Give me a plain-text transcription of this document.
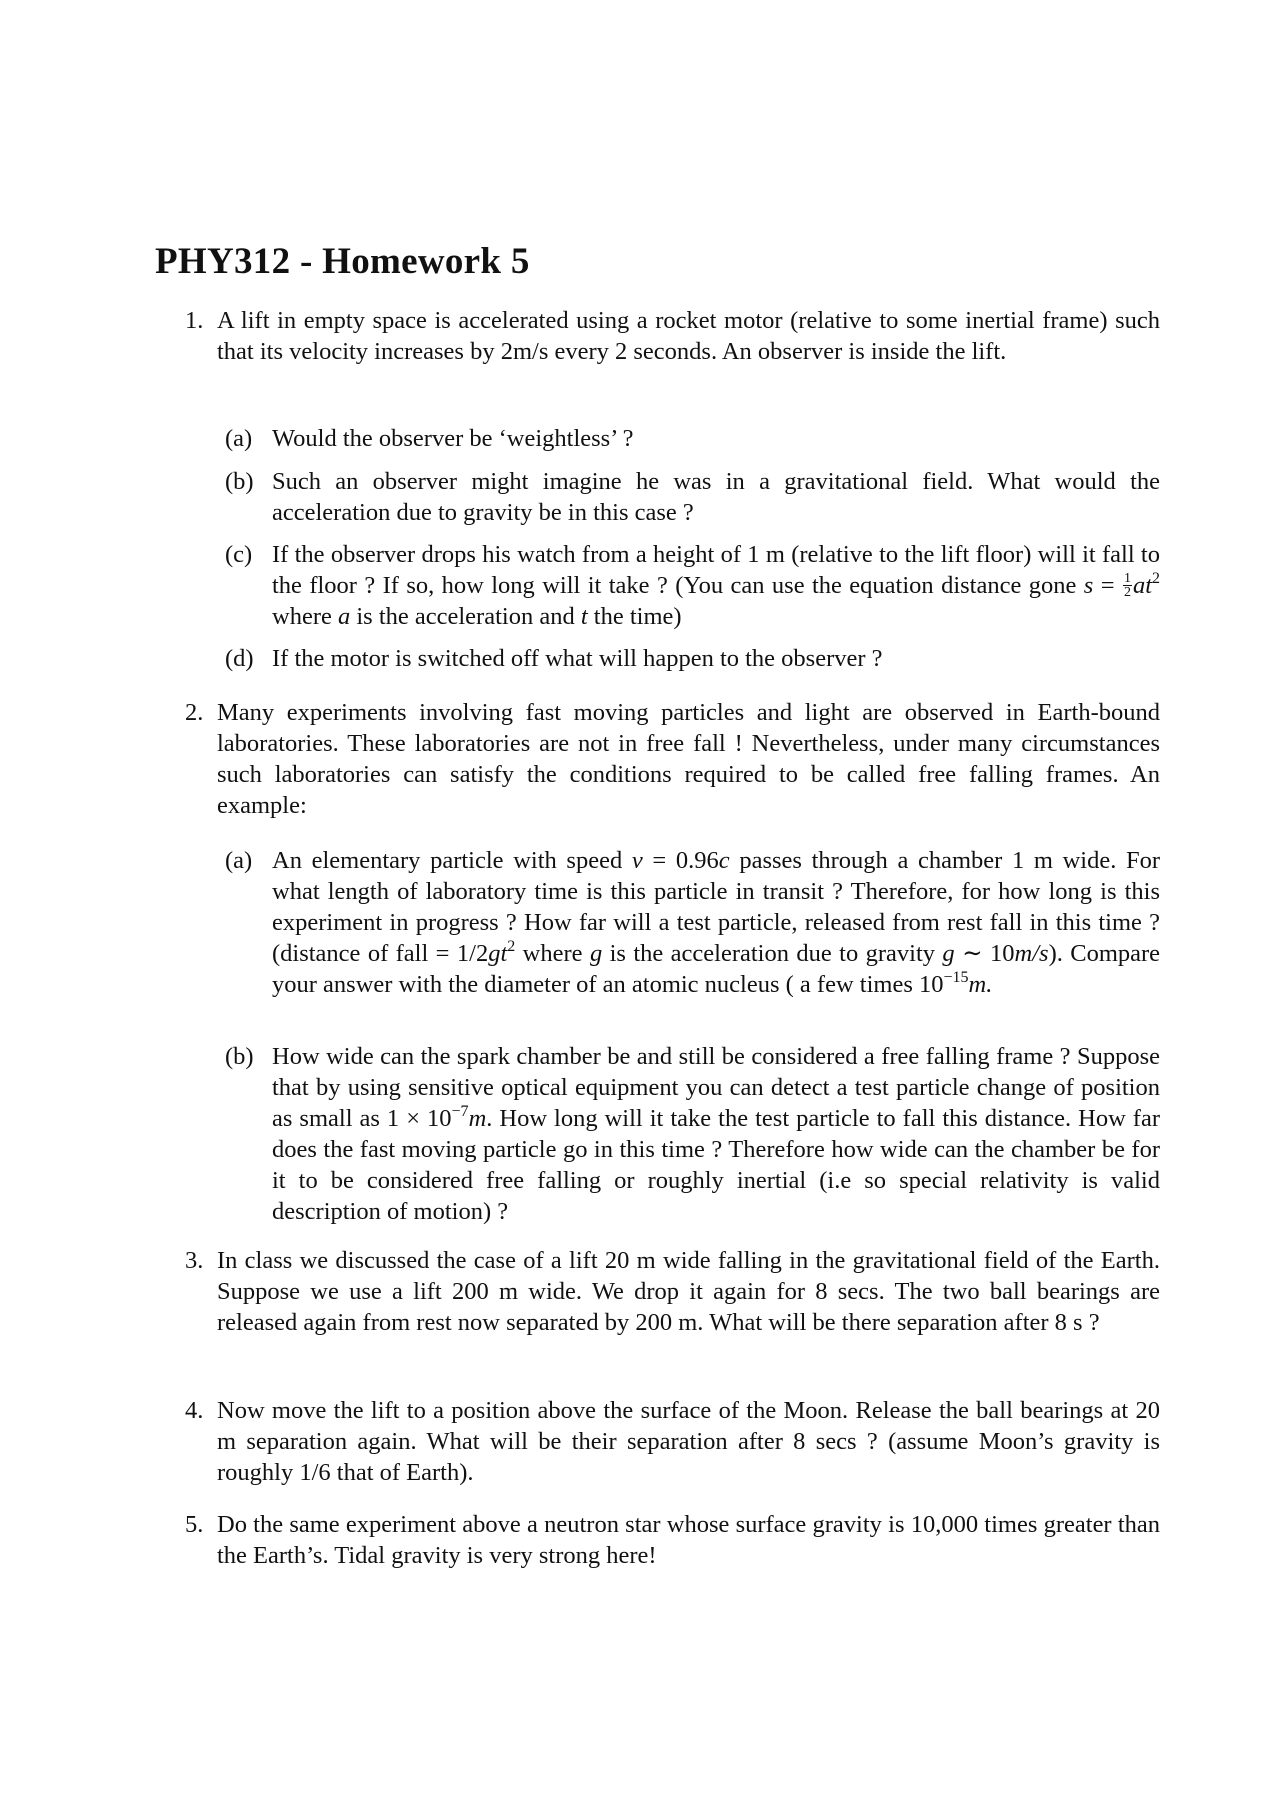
PHY312 - Homework 5
1. A lift in empty space is accelerated using a rocket motor (relative to some inertial frame) such that its velocity increases by 2m/s every 2 seconds. An observer is inside the lift.
(a) Would the observer be ‘weightless’ ?
(b) Such an observer might imagine he was in a gravitational field. What would the acceleration due to gravity be in this case ?
(c) If the observer drops his watch from a height of 1 m (relative to the lift floor) will it fall to the floor ? If so, how long will it take ? (You can use the equation distance gone $s = \frac{1}{2} at^2$ where a is the acceleration and t the time)
(d) If the motor is switched off what will happen to the observer ?
2. Many experiments involving fast moving particles and light are observed in Earth-bound laboratories. These laboratories are not in free fall ! Nevertheless, under many circumstances such laboratories can satisfy the conditions required to be called free falling frames. An example:
(a) An elementary particle with speed v = 0.96c passes through a chamber 1 m wide. For what length of laboratory time is this particle in transit ? Therefore, for how long is this experiment in progress ? How far will a test particle, released from rest fall in this time ? (distance of fall = $1/2gt^2$ where g is the acceleration due to gravity g ∼ 10m/s). Compare your answer with the diameter of an atomic nucleus ( a few times $10^{-15}m$.
(b) How wide can the spark chamber be and still be considered a free falling frame ? Suppose that by using sensitive optical equipment you can detect a test particle change of position as small as $1 \times 10^{-7}m$. How long will it take the test particle to fall this distance. How far does the fast moving particle go in this time ? Therefore how wide can the chamber be for it to be considered free falling or roughly inertial (i.e so special relativity is valid description of motion) ?
3. In class we discussed the case of a lift 20 m wide falling in the gravitational field of the Earth. Suppose we use a lift 200 m wide. We drop it again for 8 secs. The two ball bearings are released again from rest now separated by 200 m. What will be there separation after 8 s ?
4. Now move the lift to a position above the surface of the Moon. Release the ball bearings at 20 m separation again. What will be their separation after 8 secs ? (assume Moon’s gravity is roughly 1/6 that of Earth).
5. Do the same experiment above a neutron star whose surface gravity is 10,000 times greater than the Earth’s. Tidal gravity is very strong here!
